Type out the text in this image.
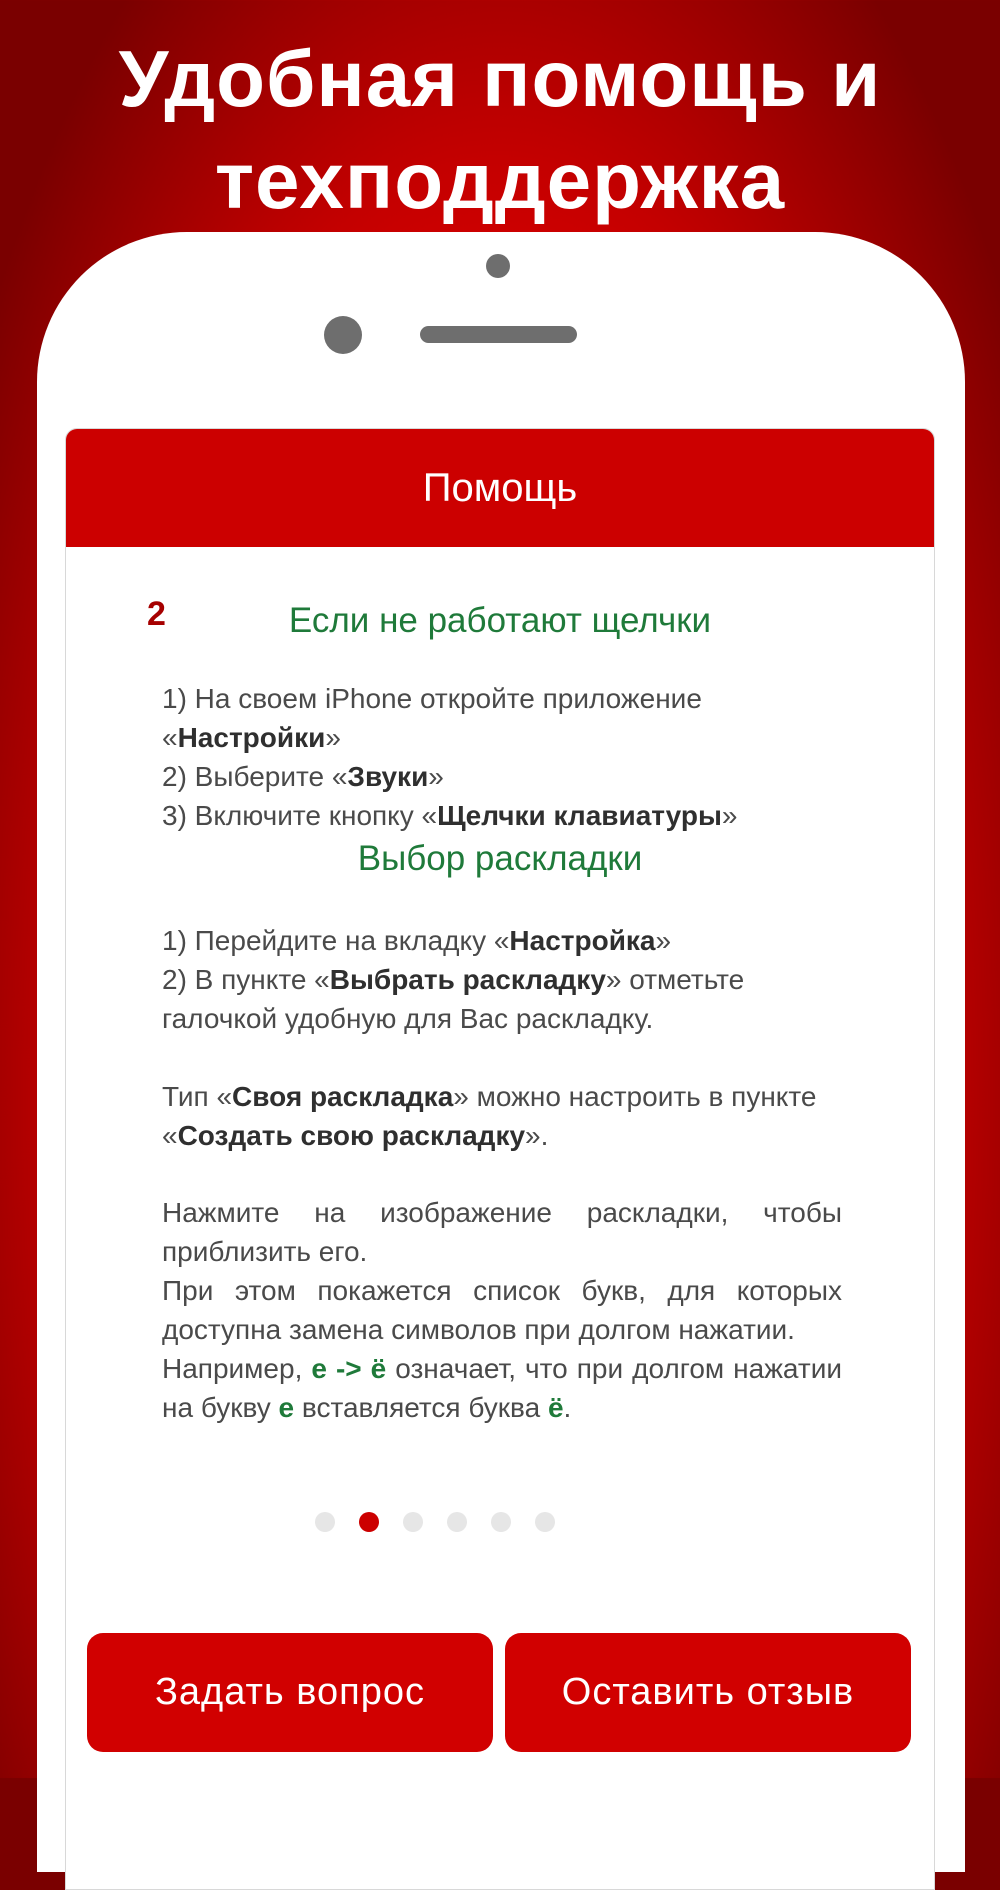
Удобная помощь и
техподдержка
Помощь
2	Если не работают щелчки
1) На своем iPhone откройте приложение
«Настройки»
2) Выберите «Звуки»
3) Включите кнопку «Щелчки клавиатуры»
Выбор раскладки
1) Перейдите на вкладку «Настройка»
2) В пункте «Выбрать раскладку» отметьте галочкой удобную для Вас раскладку.
Тип «Своя раскладка» можно настроить в пункте «Создать свою раскладку».
Нажмите на изображение раскладки, чтобы приблизить его.
При этом покажется список букв, для которых доступна замена символов при долгом нажатии.
Например, е -> ё означает, что при долгом нажатии на букву е вставляется буква ё.
Задать вопрос	Оставить отзыв
